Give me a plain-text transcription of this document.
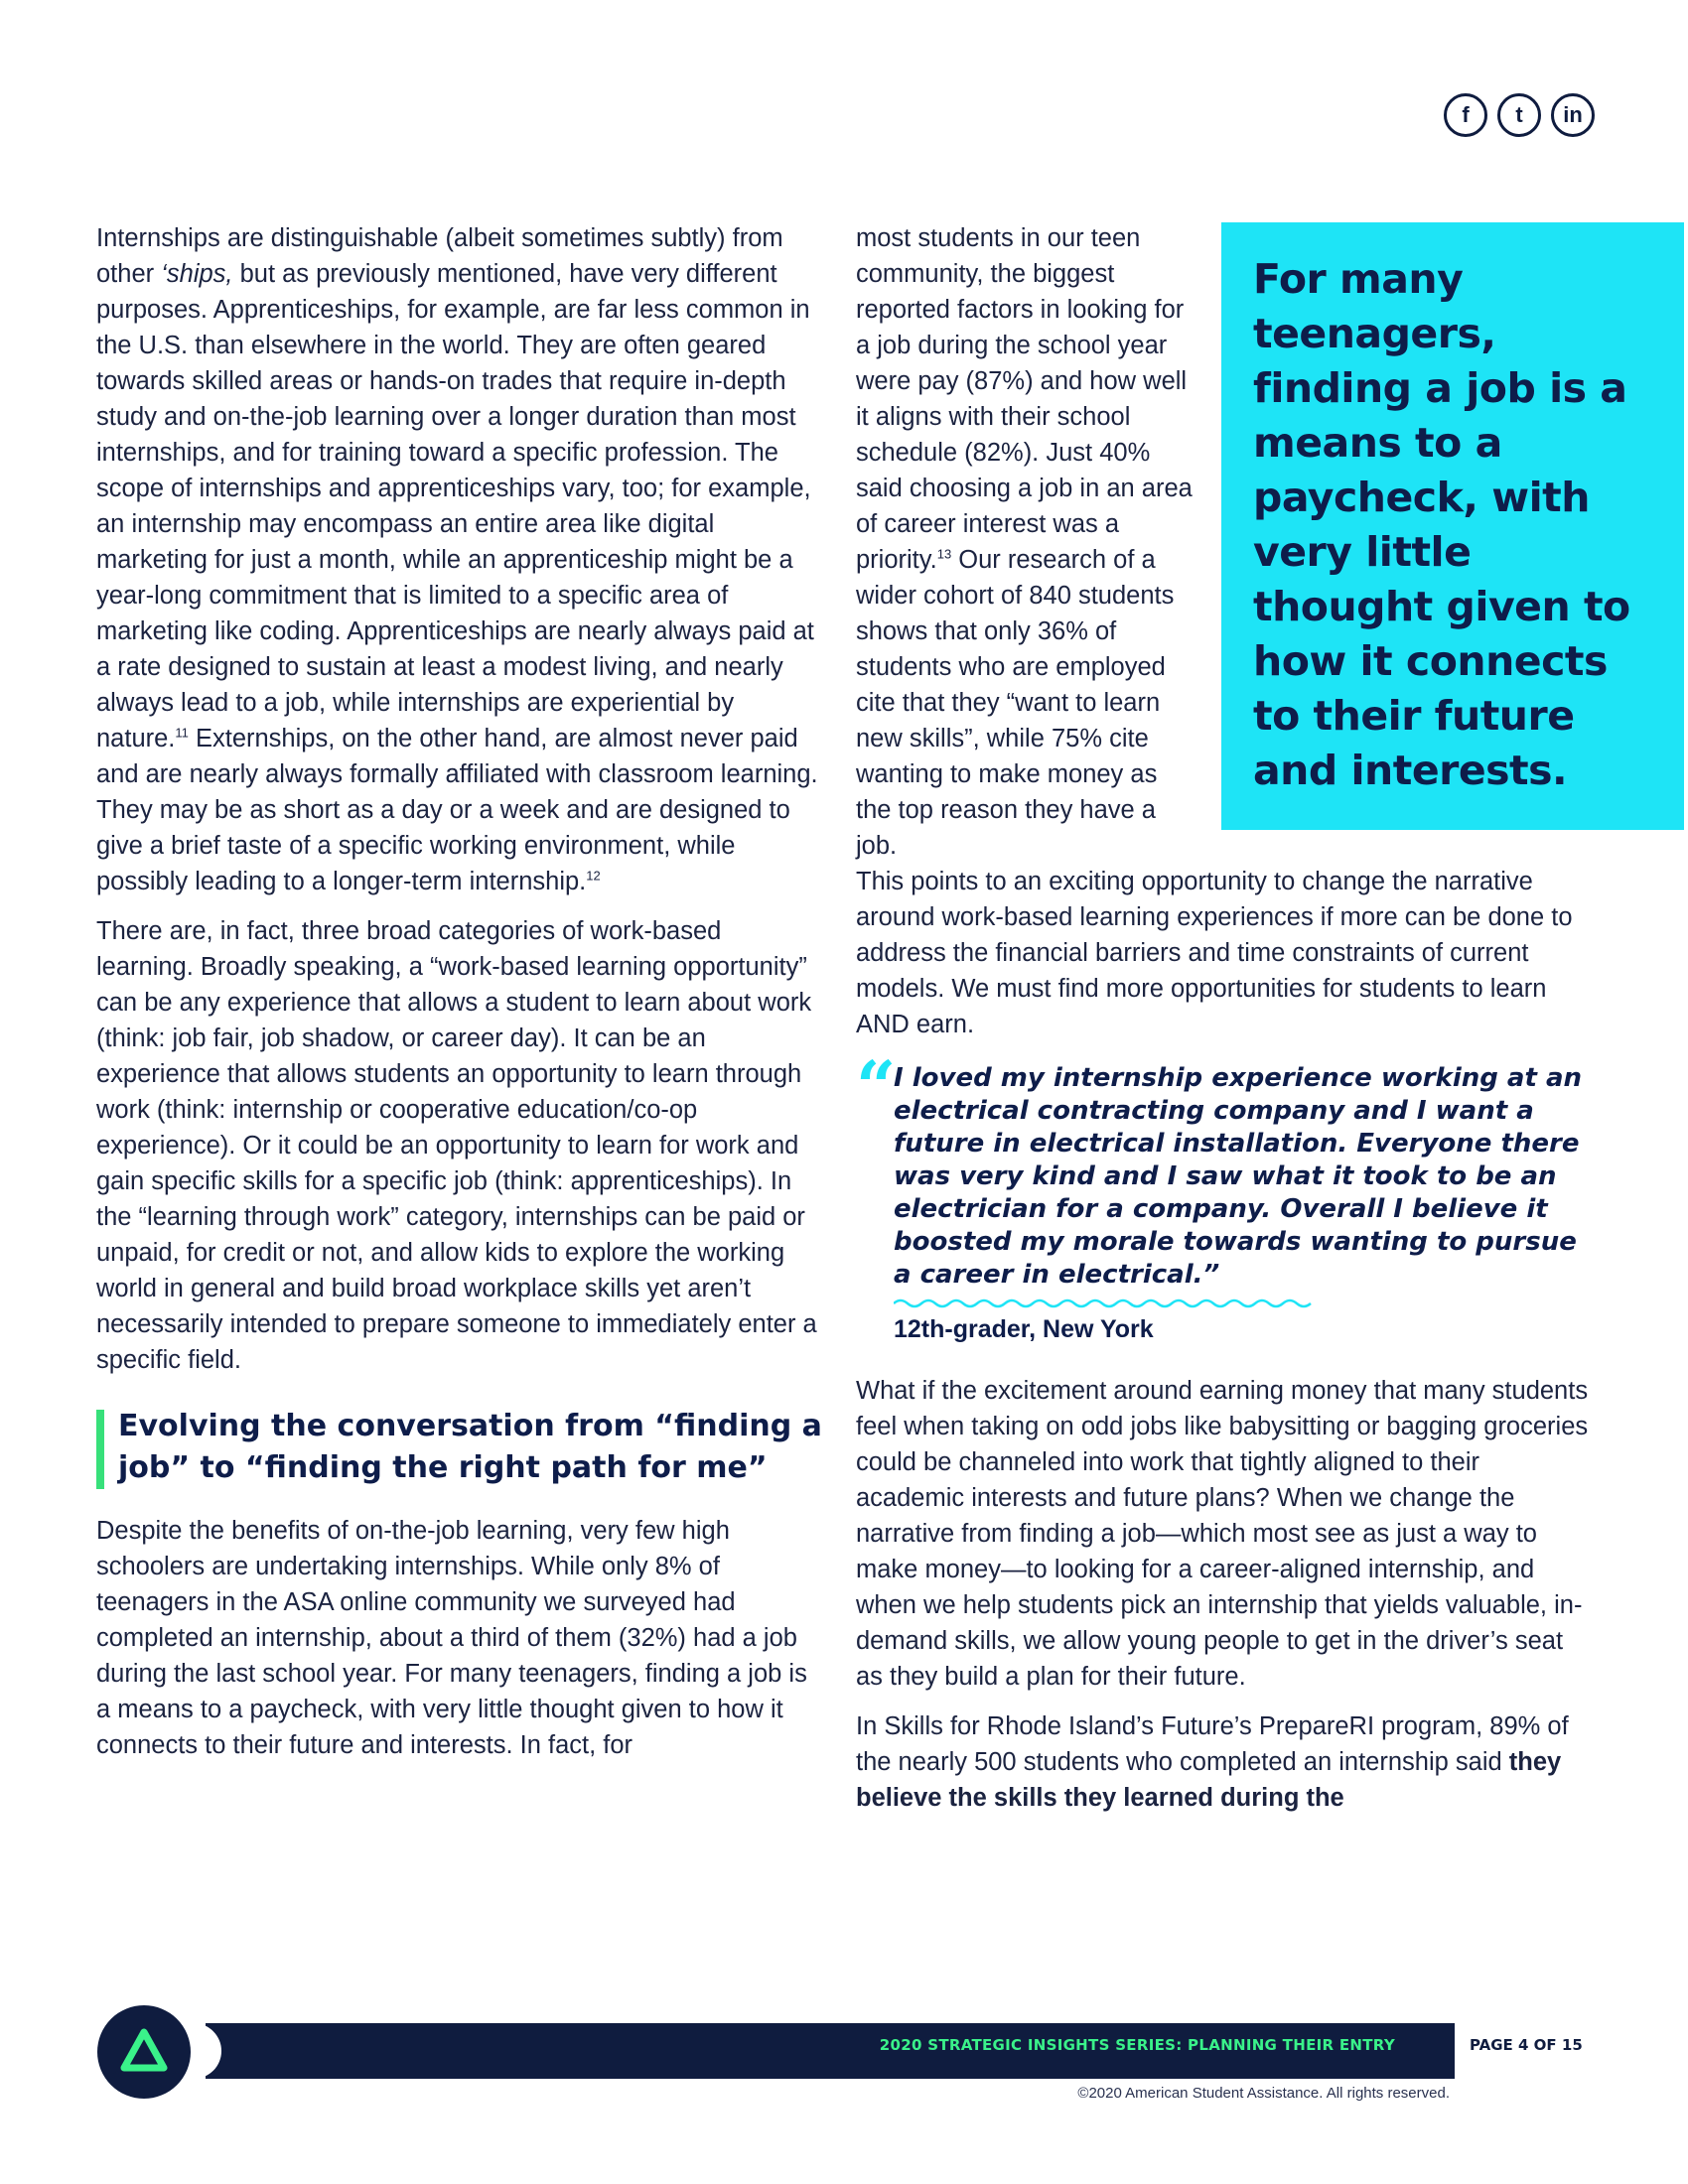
f	t	in

Internships are distinguishable (albeit sometimes subtly) from other ‘ships, but as previously mentioned, have very different purposes. Apprenticeships, for example, are far less common in the U.S. than elsewhere in the world. They are often geared towards skilled areas or hands-on trades that require in-depth study and on-the-job learning over a longer duration than most internships, and for training toward a specific profession. The scope of internships and apprenticeships vary, too; for example, an internship may encompass an entire area like digital marketing for just a month, while an apprenticeship might be a year-long commitment that is limited to a specific area of marketing like coding. Apprenticeships are nearly always paid at a rate designed to sustain at least a modest living, and nearly always lead to a job, while internships are experiential by nature.$^{11}$ Externships, on the other hand, are almost never paid and are nearly always formally affiliated with classroom learning. They may be as short as a day or a week and are designed to give a brief taste of a specific working environment, while possibly leading to a longer-term internship.$^{12}$

There are, in fact, three broad categories of work-based learning. Broadly speaking, a “work-based learning opportunity” can be any experience that allows a student to learn about work (think: job fair, job shadow, or career day). It can be an experience that allows students an opportunity to learn through work (think: internship or cooperative education/co-op experience). Or it could be an opportunity to learn for work and gain specific skills for a specific job (think: apprenticeships). In the “learning through work” category, internships can be paid or unpaid, for credit or not, and allow kids to explore the working world in general and build broad workplace skills yet aren’t necessarily intended to prepare someone to immediately enter a specific field.

Evolving the conversation from “finding a job” to “finding the right path for me”

Despite the benefits of on-the-job learning, very few high schoolers are undertaking internships. While only 8% of teenagers in the ASA online community we surveyed had completed an internship, about a third of them (32%) had a job during the last school year. For many teenagers, finding a job is a means to a paycheck, with very little thought given to how it connects to their future and interests. In fact, for

most students in our teen community, the biggest reported factors in looking for a job during the school year were pay (87%) and how well it aligns with their school schedule (82%). Just 40% said choosing a job in an area of career interest was a priority.$^{13}$ Our research of a wider cohort of 840 students shows that only 36% of students who are employed cite that they “want to learn new skills”, while 75% cite wanting to make money as the top reason they have a job.

For many teenagers, finding a job is a means to a paycheck, with very little thought given to how it connects to their future and interests.

This points to an exciting opportunity to change the narrative around work-based learning experiences if more can be done to address the financial barriers and time constraints of current models. We must find more opportunities for students to learn AND earn.

“
I loved my internship experience working at an electrical contracting company and I want a future in electrical installation. Everyone there was very kind and I saw what it took to be an electrician for a company. Overall I believe it boosted my morale towards wanting to pursue a career in electrical.”
12th-grader, New York

What if the excitement around earning money that many students feel when taking on odd jobs like babysitting or bagging groceries could be channeled into work that tightly aligned to their academic interests and future plans? When we change the narrative from finding a job—which most see as just a way to make money—to looking for a career-aligned internship, and when we help students pick an internship that yields valuable, in-demand skills, we allow young people to get in the driver’s seat as they build a plan for their future.

In Skills for Rhode Island’s Future’s PrepareRI program, 89% of the nearly 500 students who completed an internship said they believe the skills they learned during the

2020 STRATEGIC INSIGHTS SERIES: PLANNING THEIR ENTRY	PAGE 4 OF 15
©2020 American Student Assistance. All rights reserved.
